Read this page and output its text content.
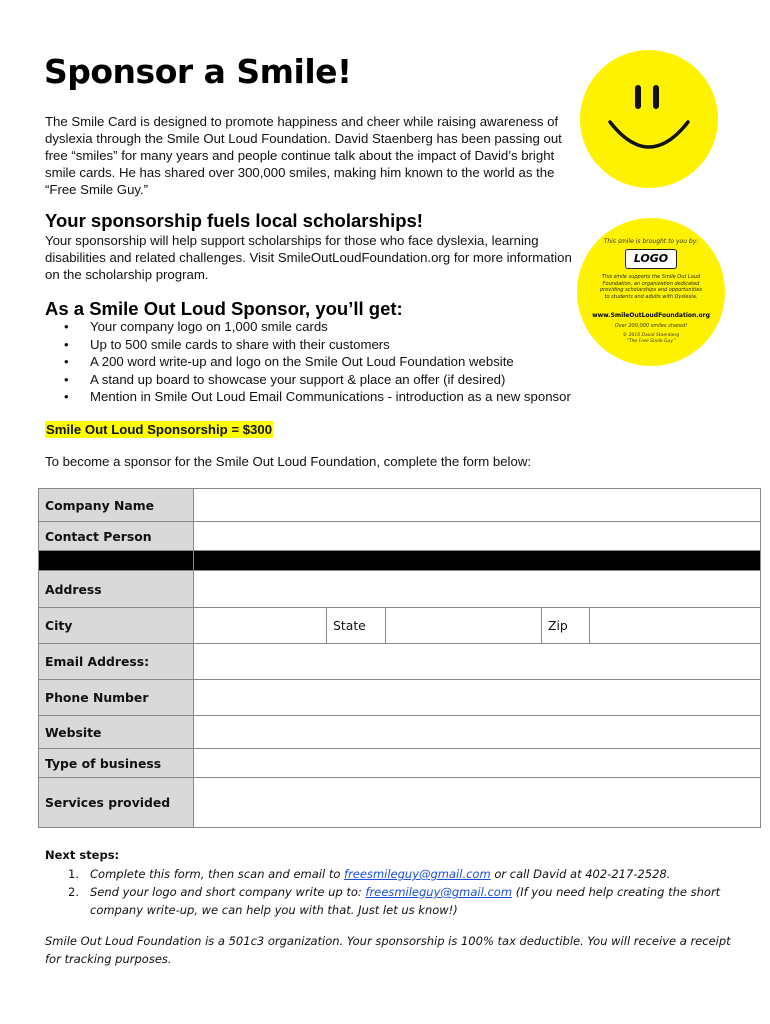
Sponsor a Smile!

The Smile Card is designed to promote happiness and cheer while raising awareness of dyslexia through the Smile Out Loud Foundation. David Staenberg has been passing out free “smiles” for many years and people continue talk about the impact of David’s bright smile cards. He has shared over 300,000 smiles, making him known to the world as the “Free Smile Guy.”

Your sponsorship fuels local scholarships!

Your sponsorship will help support scholarships for those who face dyslexia, learning disabilities and related challenges. Visit SmileOutLoudFoundation.org for more information on the scholarship program.

This smile is brought to you by:
LOGO
This smile supports the Smile Out Loud Foundation, an organization dedicated providing scholarships and opportunities to students and adults with Dyslexia.
www.SmileOutLoudFoundation.org
Over 200,000 smiles shared!
© 2016 David Staenberg
“The Free Smile Guy”
As a Smile Out Loud Sponsor, you’ll get:
• Your company logo on 1,000 smile cards
• Up to 500 smile cards to share with their customers
• A 200 word write-up and logo on the Smile Out Loud Foundation website
• A stand up board to showcase your support & place an offer (if desired)
• Mention in Smile Out Loud Email Communications - introduction as a new sponsor
Smile Out Loud Sponsorship = $300
To become a sponsor for the Smile Out Loud Foundation, complete the form below:
Company Name
Contact Person
Address
City	State	Zip
Email Address:
Phone Number
Website
Type of business
Services provided
Next steps:
1. Complete this form, then scan and email to freesmileguy@gmail.com or call David at 402-217-2528.
2. Send your logo and short company write up to: freesmileguy@gmail.com (If you need help creating the short company write-up, we can help you with that. Just let us know!)

Smile Out Loud Foundation is a 501c3 organization. Your sponsorship is 100% tax deductible. You will receive a receipt for tracking purposes.
